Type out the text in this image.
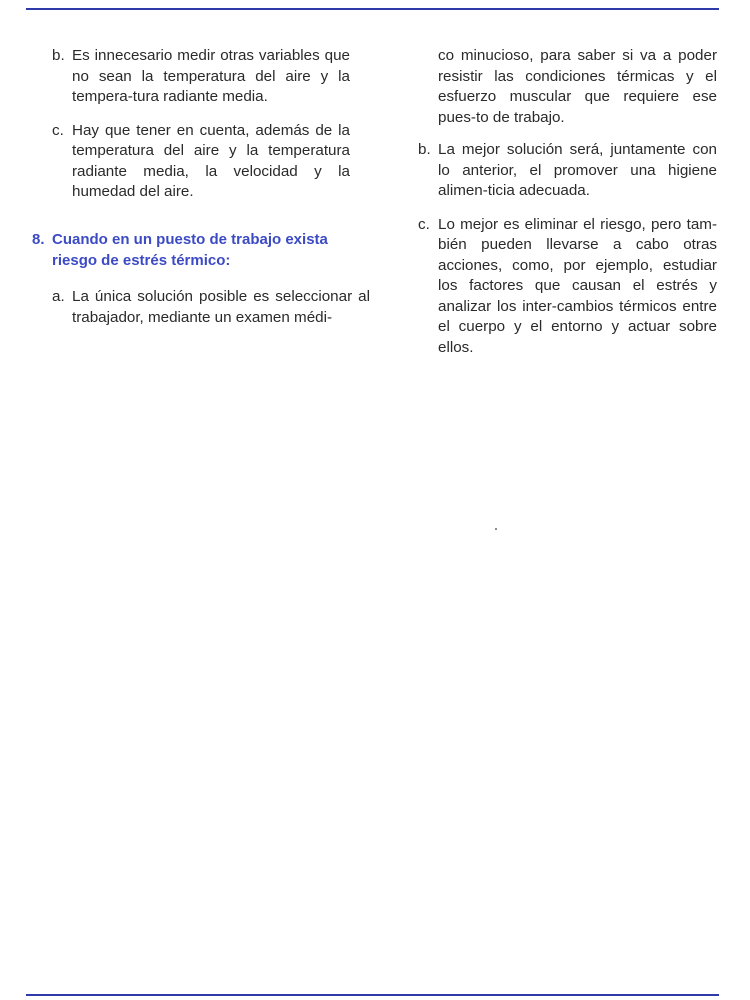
b. Es innecesario medir otras variables que no sean la temperatura del aire y la tempera-tura radiante media.
c. Hay que tener en cuenta, además de la temperatura del aire y la temperatura radiante media, la velocidad y la humedad del aire.
8. Cuando en un puesto de trabajo exista riesgo de estrés térmico:
a. La única solución posible es seleccionar al trabajador, mediante un examen médi-
co minucioso, para saber si va a poder resistir las condiciones térmicas y el esfuerzo muscular que requiere ese pues-to de trabajo.
b. La mejor solución será, juntamente con lo anterior, el promover una higiene alimen-ticia adecuada.
c. Lo mejor es eliminar el riesgo, pero tam-bién pueden llevarse a cabo otras acciones, como, por ejemplo, estudiar los factores que causan el estrés y analizar los inter-cambios térmicos entre el cuerpo y el entorno y actuar sobre ellos.
